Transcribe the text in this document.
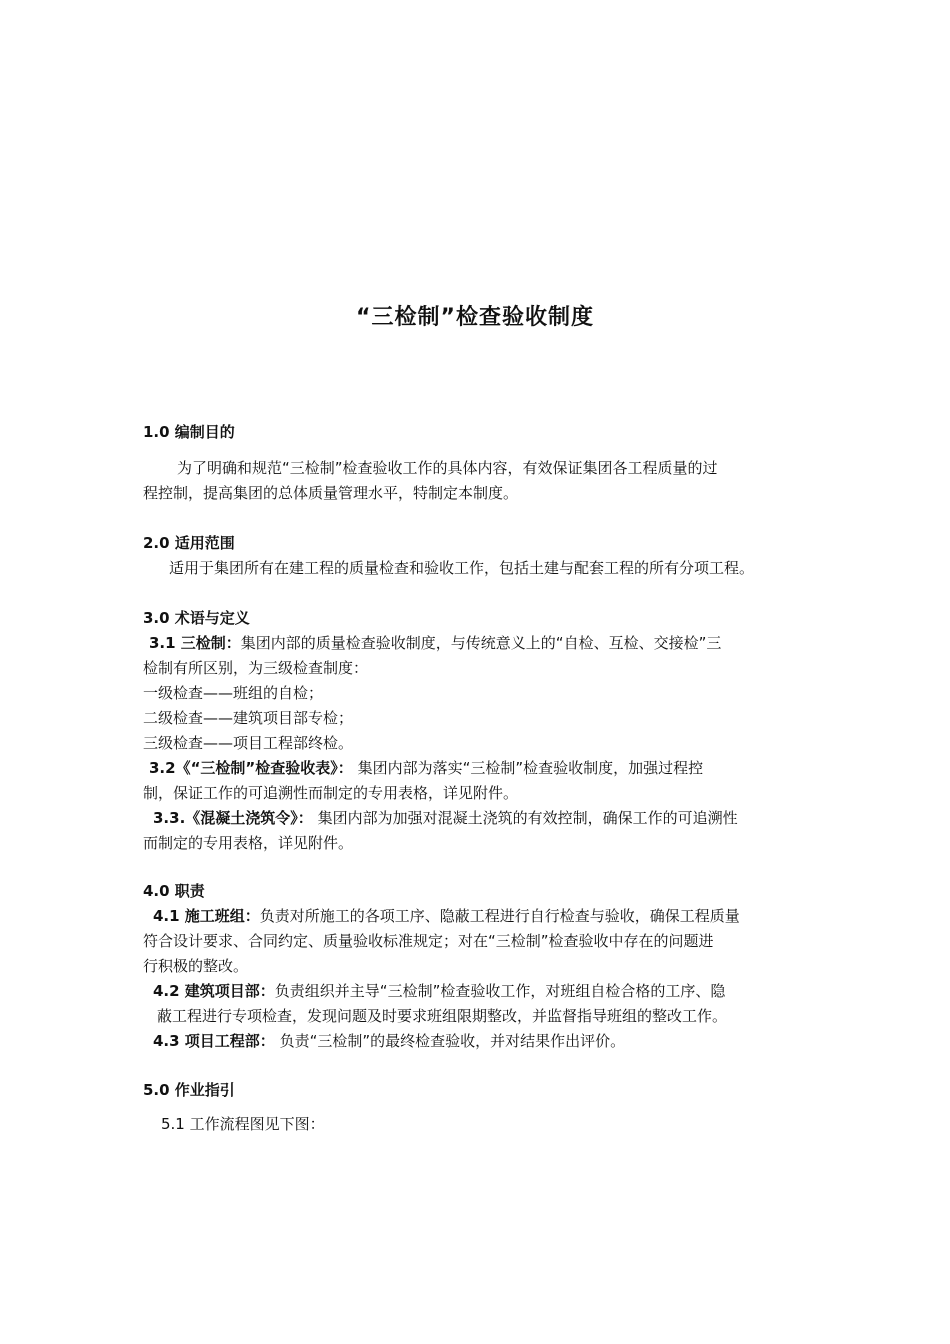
“三检制”检查验收制度
1.0 编制目的
为了明确和规范“三检制”检查验收工作的具体内容，有效保证集团各工程质量的过
程控制，提高集团的总体质量管理水平，特制定本制度。
2.0 适用范围
适用于集团所有在建工程的质量检查和验收工作，包括土建与配套工程的所有分项工程。
3.0 术语与定义
3.1 三检制：集团内部的质量检查验收制度，与传统意义上的“自检、互检、交接检”三
检制有所区别，为三级检查制度：
一级检查——班组的自检；
二级检查——建筑项目部专检；
三级检查——项目工程部终检。
3.2《“三检制”检查验收表》： 集团内部为落实“三检制”检查验收制度，加强过程控
制，保证工作的可追溯性而制定的专用表格，详见附件。
3.3.《混凝土浇筑令》： 集团内部为加强对混凝土浇筑的有效控制，确保工作的可追溯性
而制定的专用表格，详见附件。
4.0 职责
4.1 施工班组：负责对所施工的各项工序、隐蔽工程进行自行检查与验收，确保工程质量
符合设计要求、合同约定、质量验收标准规定；对在“三检制”检查验收中存在的问题进
行积极的整改。
4.2 建筑项目部：负责组织并主导“三检制”检查验收工作，对班组自检合格的工序、隐
蔽工程进行专项检查，发现问题及时要求班组限期整改，并监督指导班组的整改工作。
4.3 项目工程部： 负责“三检制”的最终检查验收，并对结果作出评价。
5.0 作业指引
5.1 工作流程图见下图：
